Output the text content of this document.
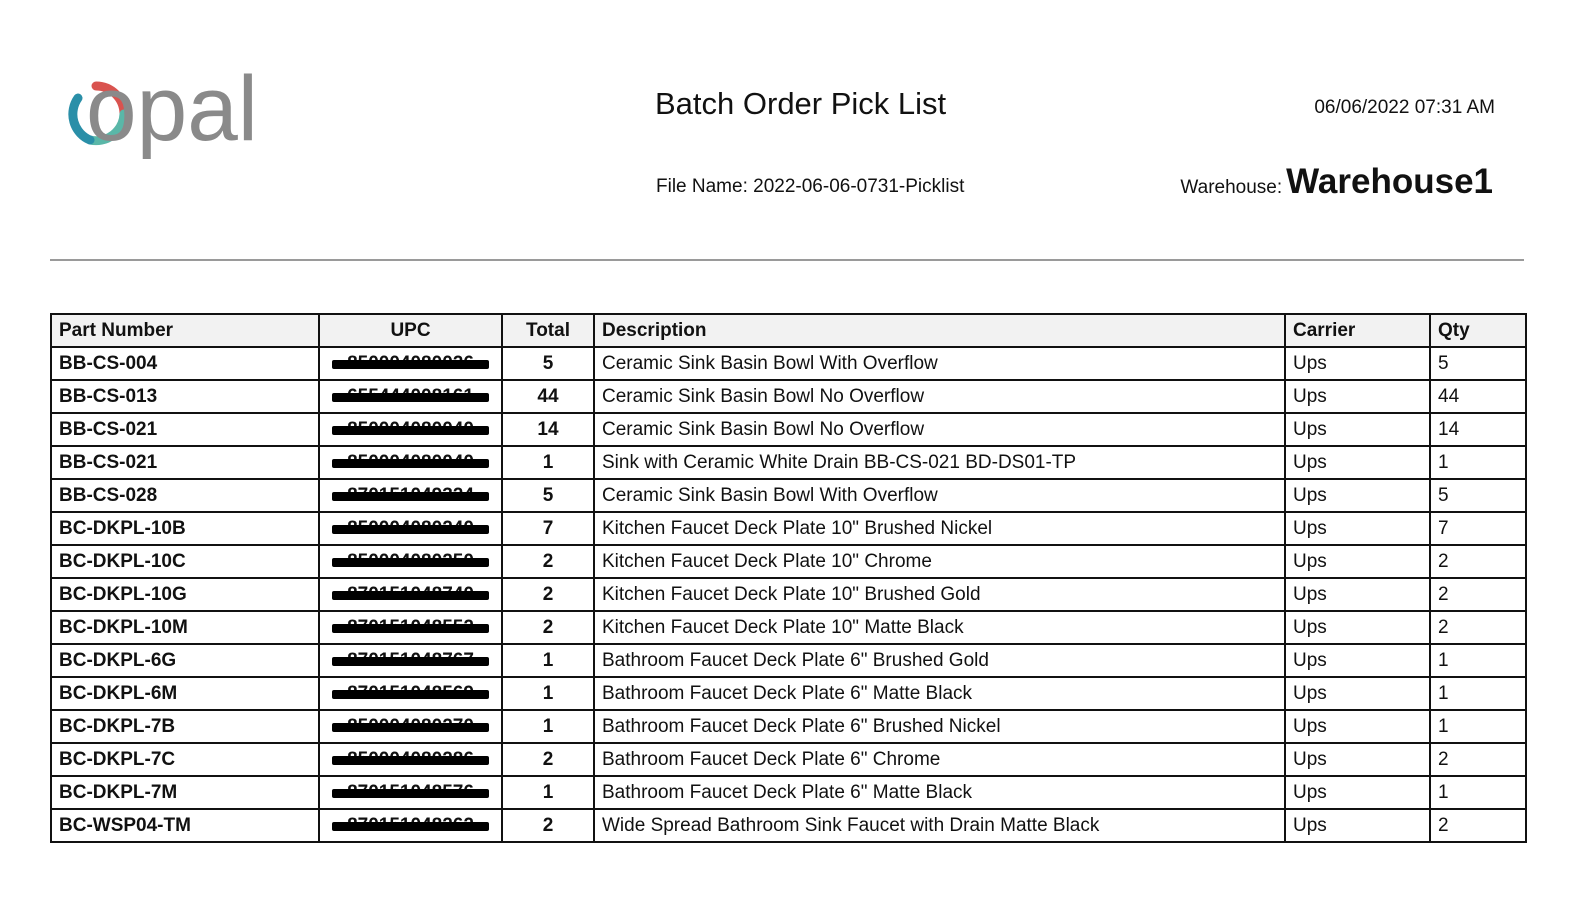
opal	Batch Order Pick List	06/06/2022 07:31 AM
File Name: 2022-06-06-0731-Picklist	Warehouse: Warehouse1
Part Number	UPC	Total	Description	Carrier	Qty
BB-CS-004		5	Ceramic Sink Basin Bowl With Overflow	Ups	5
BB-CS-013		44	Ceramic Sink Basin Bowl No Overflow	Ups	44
BB-CS-021		14	Ceramic Sink Basin Bowl No Overflow	Ups	14
BB-CS-021		1	Sink with Ceramic White Drain BB-CS-021 BD-DS01-TP	Ups	1
BB-CS-028		5	Ceramic Sink Basin Bowl With Overflow	Ups	5
BC-DKPL-10B		7	Kitchen Faucet Deck Plate 10" Brushed Nickel	Ups	7
BC-DKPL-10C		2	Kitchen Faucet Deck Plate 10" Chrome	Ups	2
BC-DKPL-10G		2	Kitchen Faucet Deck Plate 10" Brushed Gold	Ups	2
BC-DKPL-10M		2	Kitchen Faucet Deck Plate 10" Matte Black	Ups	2
BC-DKPL-6G		1	Bathroom Faucet Deck Plate 6" Brushed Gold	Ups	1
BC-DKPL-6M		1	Bathroom Faucet Deck Plate 6" Matte Black	Ups	1
BC-DKPL-7B		1	Bathroom Faucet Deck Plate 6" Brushed Nickel	Ups	1
BC-DKPL-7C		2	Bathroom Faucet Deck Plate 6" Chrome	Ups	2
BC-DKPL-7M		1	Bathroom Faucet Deck Plate 6" Matte Black	Ups	1
BC-WSP04-TM		2	Wide Spread Bathroom Sink Faucet with Drain Matte Black	Ups	2
